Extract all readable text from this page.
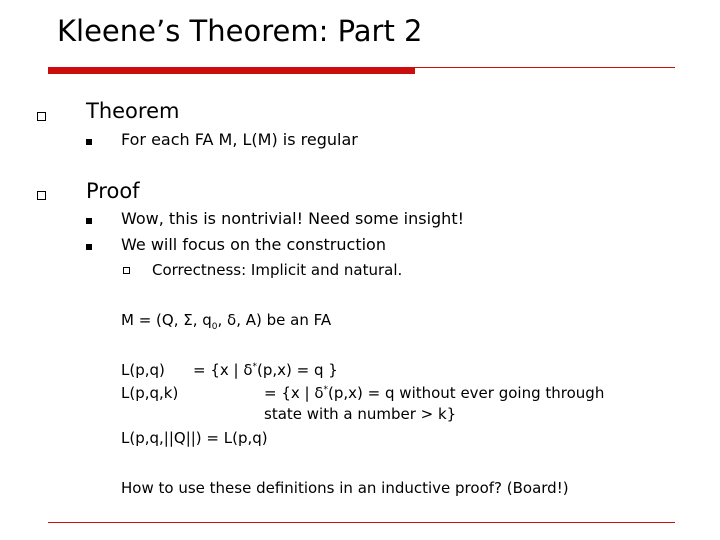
Kleene’s Theorem: Part 2
Theorem
For each FA M, L(M) is regular
Proof
Wow, this is nontrivial! Need some insight!
We will focus on the construction
Correctness: Implicit and natural.
M = (Q, Σ, $q_0$, δ, A) be an FA
L(p,q) = {x | δ*(p,x) = q }
L(p,q,k)	= {x | δ*(p,x) = q without ever going through
state with a number > k}
L(p,q,||Q||) = L(p,q)
How to use these definitions in an inductive proof? (Board!)
